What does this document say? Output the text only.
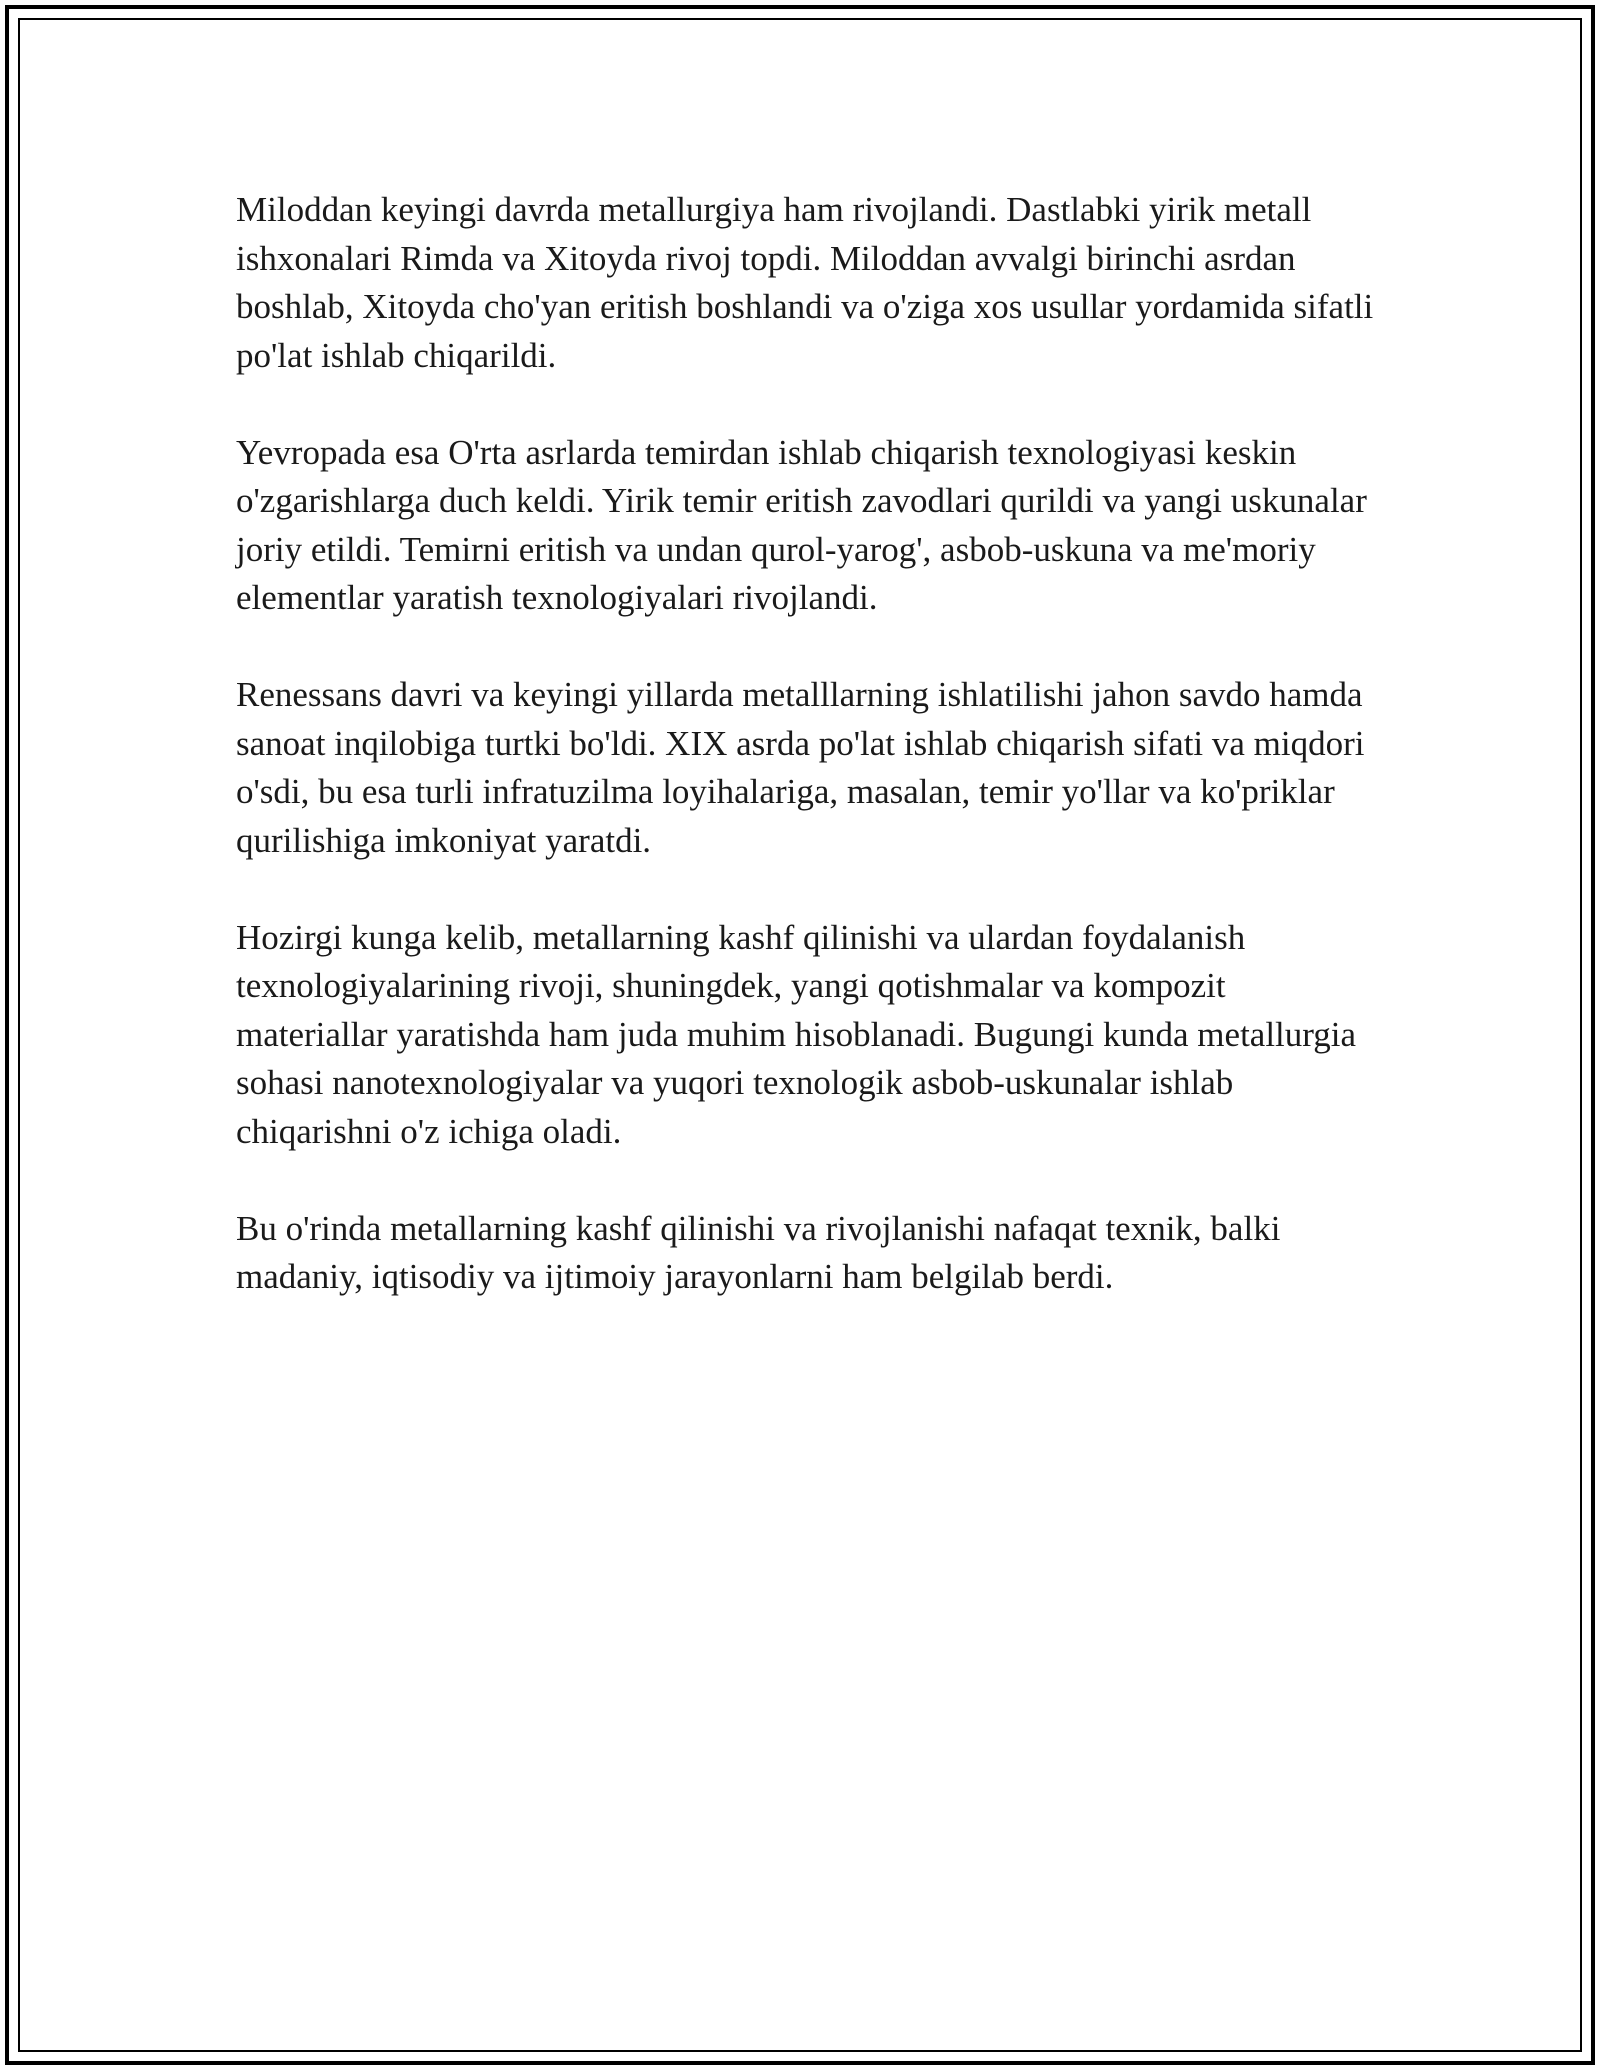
Miloddan keyingi davrda metallurgiya ham rivojlandi. Dastlabki yirik metall ishxonalari Rimda va Xitoyda rivoj topdi. Miloddan avvalgi birinchi asrdan boshlab, Xitoyda cho'yan eritish boshlandi va o'ziga xos usullar yordamida sifatli po'lat ishlab chiqarildi.

Yevropada esa O'rta asrlarda temirdan ishlab chiqarish texnologiyasi keskin o'zgarishlarga duch keldi. Yirik temir eritish zavodlari qurildi va yangi uskunalar joriy etildi. Temirni eritish va undan qurol-yarog', asbob-uskuna va me'moriy elementlar yaratish texnologiyalari rivojlandi.

Renessans davri va keyingi yillarda metalllarning ishlatilishi jahon savdo hamda sanoat inqilobiga turtki bo'ldi. XIX asrda po'lat ishlab chiqarish sifati va miqdori o'sdi, bu esa turli infratuzilma loyihalariga, masalan, temir yo'llar va ko'priklar qurilishiga imkoniyat yaratdi.

Hozirgi kunga kelib, metallarning kashf qilinishi va ulardan foydalanish texnologiyalarining rivoji, shuningdek, yangi qotishmalar va kompozit materiallar yaratishda ham juda muhim hisoblanadi. Bugungi kunda metallurgia sohasi nanotexnologiyalar va yuqori texnologik asbob-uskunalar ishlab chiqarishni o'z ichiga oladi.

Bu o'rinda metallarning kashf qilinishi va rivojlanishi nafaqat texnik, balki madaniy, iqtisodiy va ijtimoiy jarayonlarni ham belgilab berdi.
